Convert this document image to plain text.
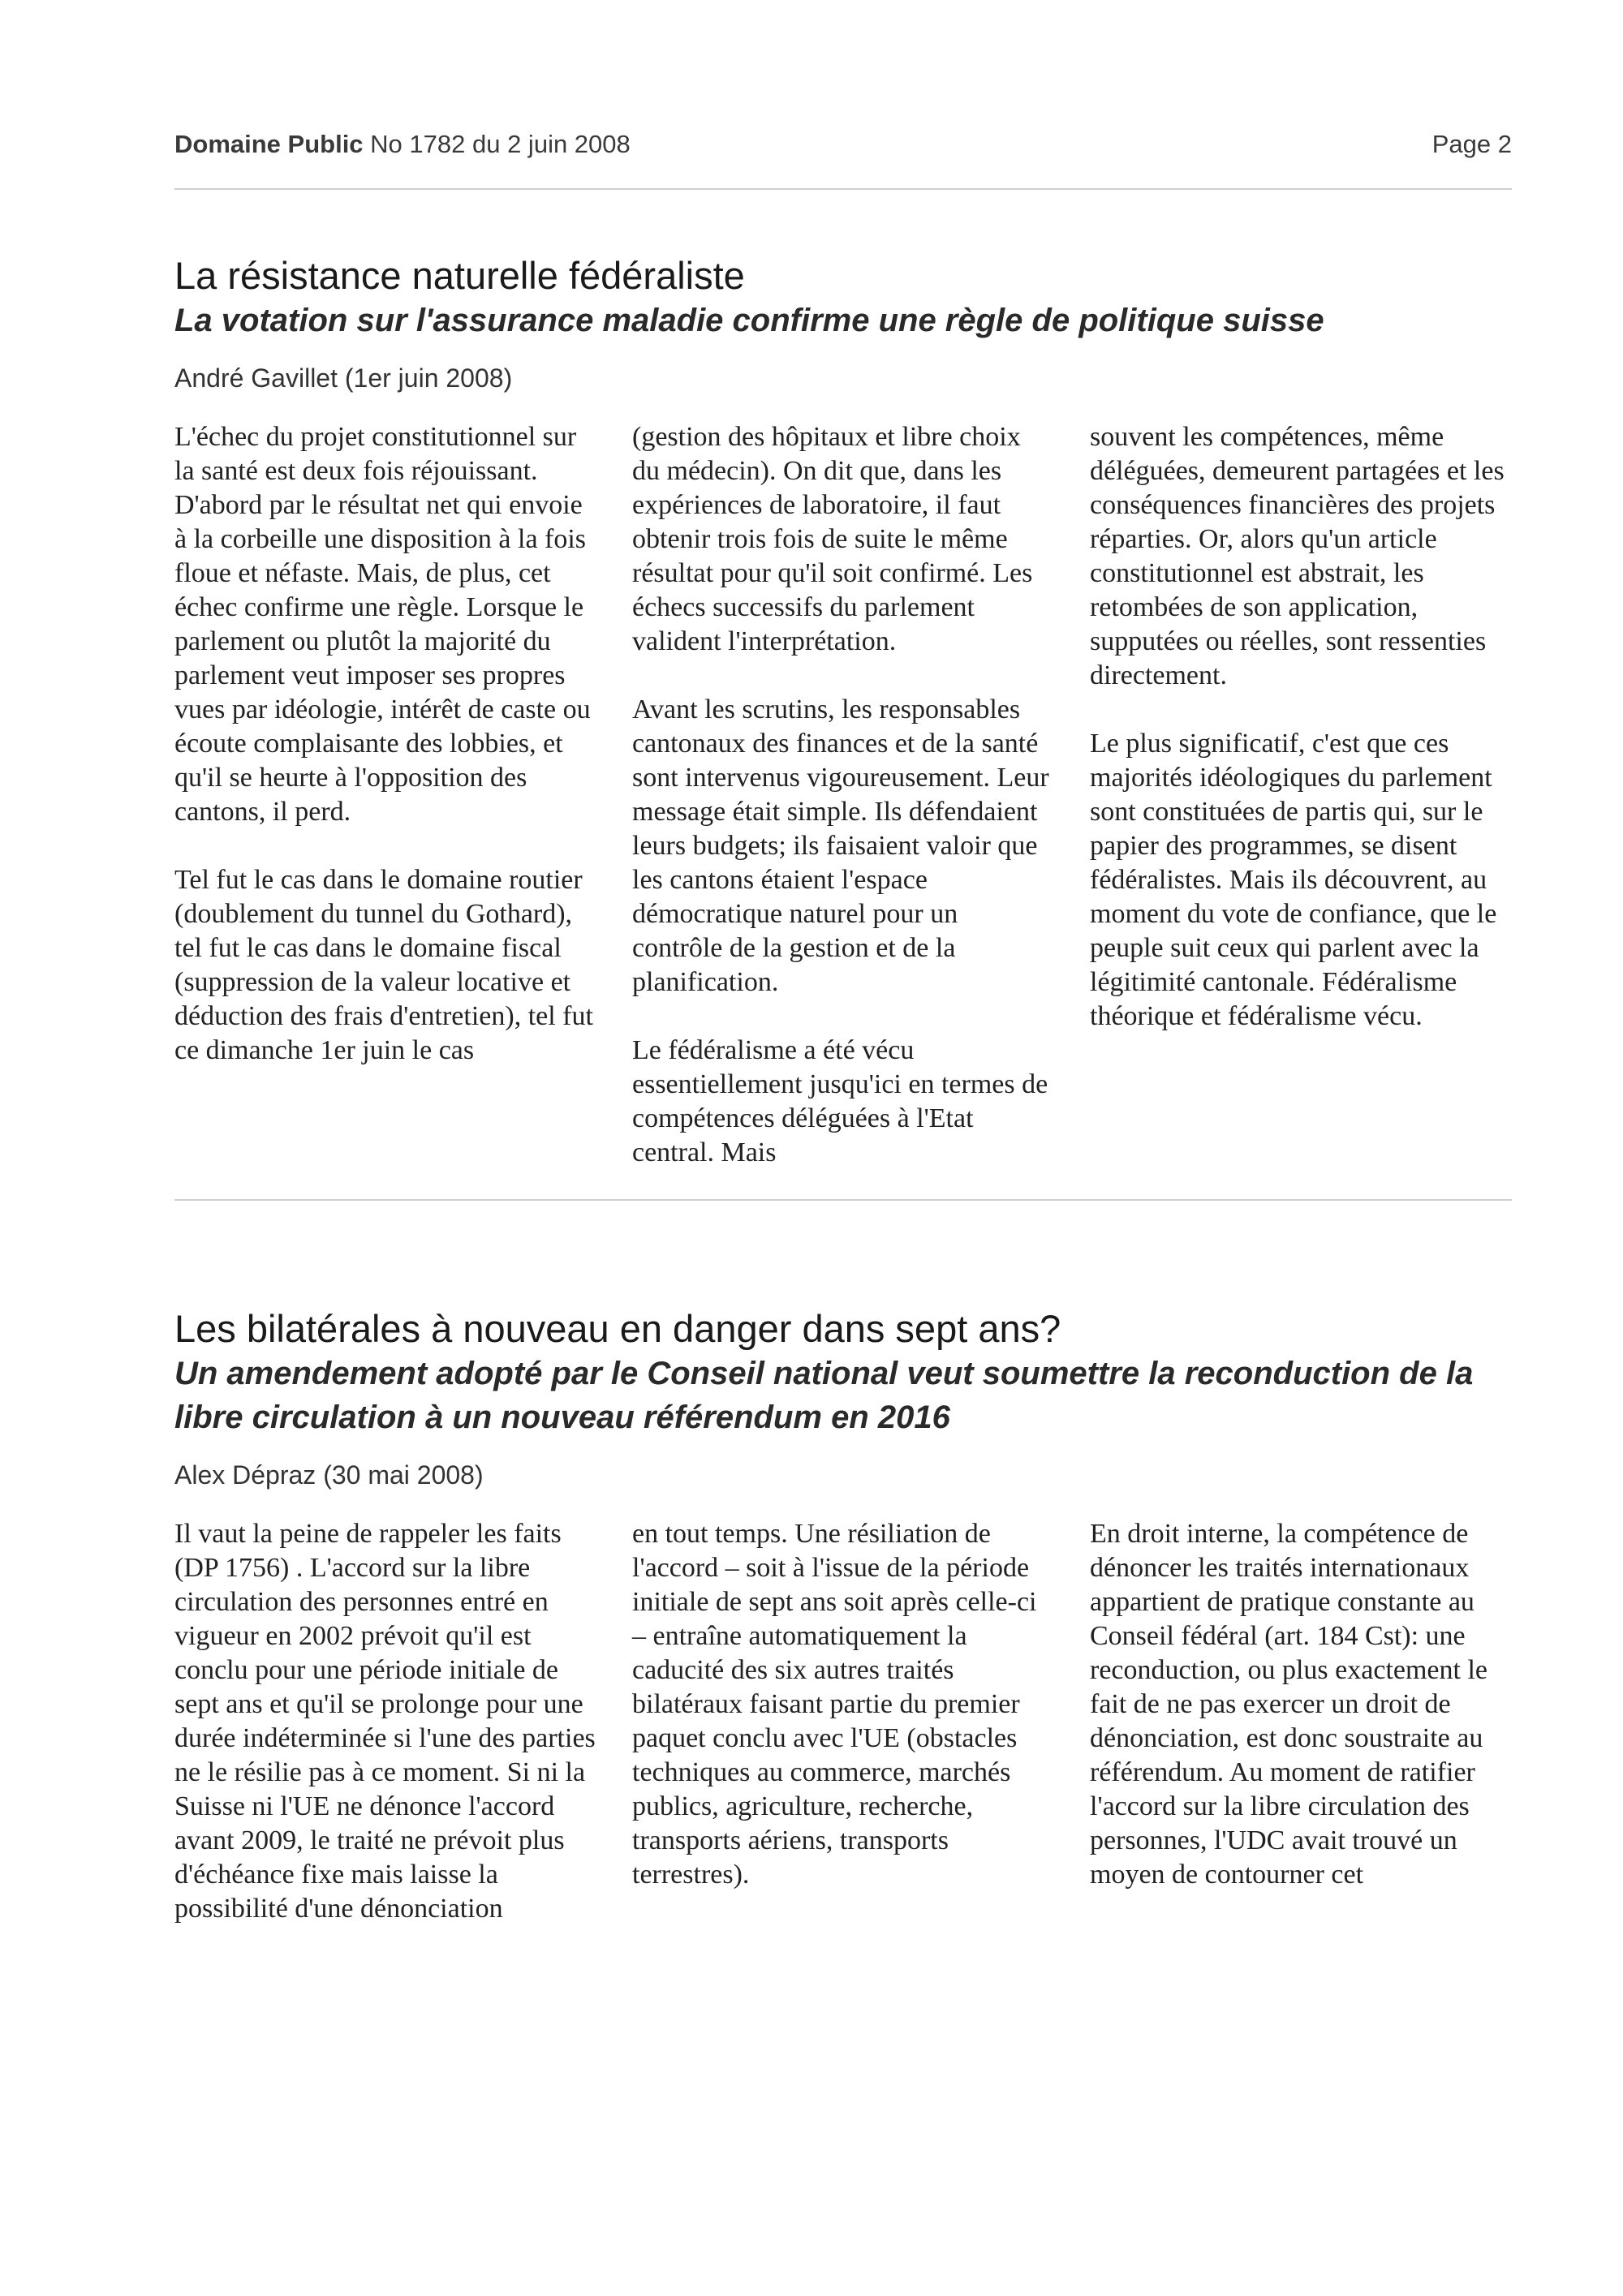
Domaine Public No 1782 du 2 juin 2008	Page 2
La résistance naturelle fédéraliste
La votation sur l'assurance maladie confirme une règle de politique suisse

André Gavillet (1er juin 2008)

L'échec du projet constitutionnel sur la santé est deux fois réjouissant. D'abord par le résultat net qui envoie à la corbeille une disposition à la fois floue et néfaste. Mais, de plus, cet échec confirme une règle. Lorsque le parlement ou plutôt la majorité du parlement veut imposer ses propres vues par idéologie, intérêt de caste ou écoute complaisante des lobbies, et qu'il se heurte à l'opposition des cantons, il perd.

Tel fut le cas dans le domaine routier (doublement du tunnel du Gothard), tel fut le cas dans le domaine fiscal (suppression de la valeur locative et déduction des frais d'entretien), tel fut ce dimanche 1er juin le cas

(gestion des hôpitaux et libre choix du médecin). On dit que, dans les expériences de laboratoire, il faut obtenir trois fois de suite le même résultat pour qu'il soit confirmé. Les échecs successifs du parlement valident l'interprétation.

Avant les scrutins, les responsables cantonaux des finances et de la santé sont intervenus vigoureusement. Leur message était simple. Ils défendaient leurs budgets; ils faisaient valoir que les cantons étaient l'espace démocratique naturel pour un contrôle de la gestion et de la planification.

Le fédéralisme a été vécu essentiellement jusqu'ici en termes de compétences déléguées à l'Etat central. Mais

souvent les compétences, même déléguées, demeurent partagées et les conséquences financières des projets réparties. Or, alors qu'un article constitutionnel est abstrait, les retombées de son application, supputées ou réelles, sont ressenties directement.

Le plus significatif, c'est que ces majorités idéologiques du parlement sont constituées de partis qui, sur le papier des programmes, se disent fédéralistes. Mais ils découvrent, au moment du vote de confiance, que le peuple suit ceux qui parlent avec la légitimité cantonale. Fédéralisme théorique et fédéralisme vécu.

Les bilatérales à nouveau en danger dans sept ans?
Un amendement adopté par le Conseil national veut soumettre la reconduction de la libre circulation à un nouveau référendum en 2016

Alex Dépraz (30 mai 2008)

Il vaut la peine de rappeler les faits (DP 1756) . L'accord sur la libre circulation des personnes entré en vigueur en 2002 prévoit qu'il est conclu pour une période initiale de sept ans et qu'il se prolonge pour une durée indéterminée si l'une des parties ne le résilie pas à ce moment. Si ni la Suisse ni l'UE ne dénonce l'accord avant 2009, le traité ne prévoit plus d'échéance fixe mais laisse la possibilité d'une dénonciation

en tout temps. Une résiliation de l'accord – soit à l'issue de la période initiale de sept ans soit après celle-ci – entraîne automatiquement la caducité des six autres traités bilatéraux faisant partie du premier paquet conclu avec l'UE (obstacles techniques au commerce, marchés publics, agriculture, recherche, transports aériens, transports terrestres).

En droit interne, la compétence de dénoncer les traités internationaux appartient de pratique constante au Conseil fédéral (art. 184 Cst): une reconduction, ou plus exactement le fait de ne pas exercer un droit de dénonciation, est donc soustraite au référendum. Au moment de ratifier l'accord sur la libre circulation des personnes, l'UDC avait trouvé un moyen de contourner cet
